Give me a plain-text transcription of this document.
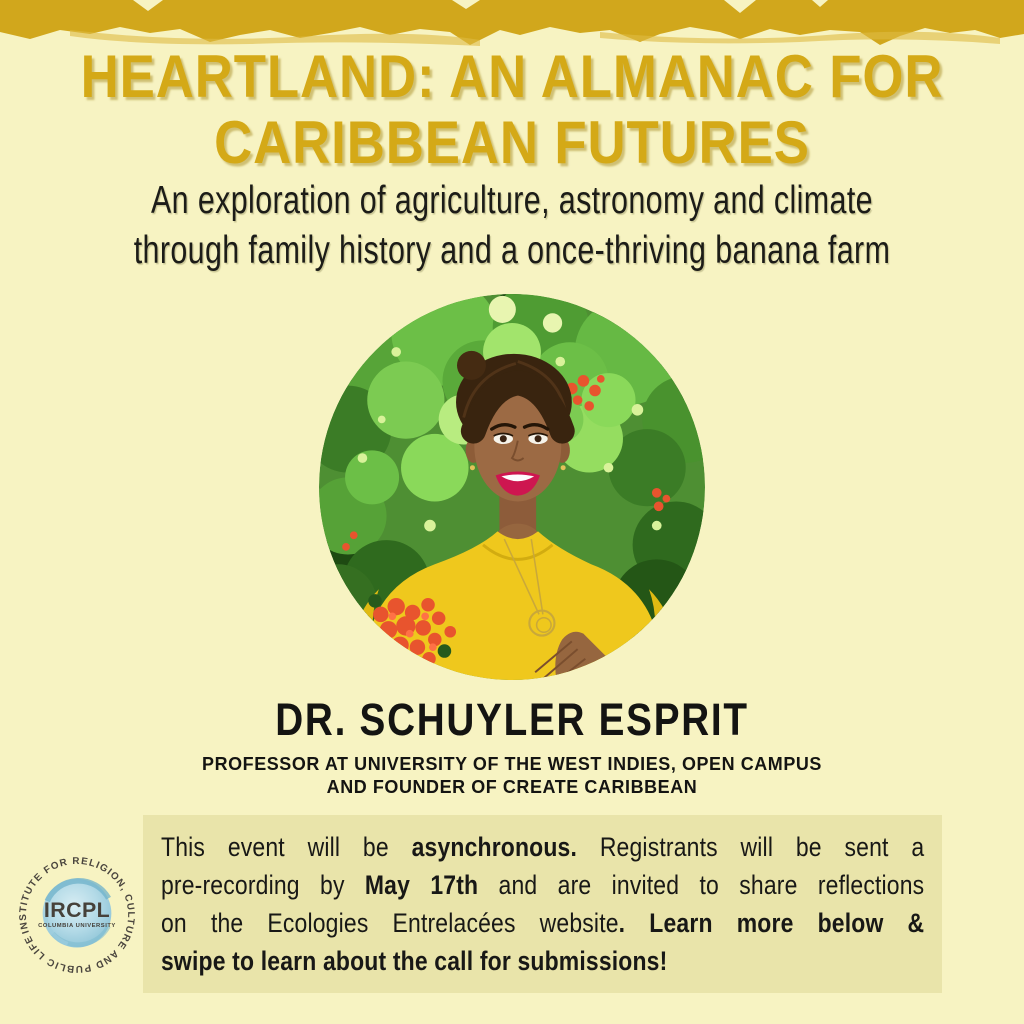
HEARTLAND: AN ALMANAC FOR
CARIBBEAN FUTURES
An exploration of agriculture, astronomy and climate
through family history and a once-thriving banana farm
DR. SCHUYLER ESPRIT
PROFESSOR AT UNIVERSITY OF THE WEST INDIES, OPEN CAMPUS
AND FOUNDER OF CREATE CARIBBEAN
This event will be asynchronous. Registrants will be sent a
pre-recording by May 17th and are invited to share reflections
on the Ecologies Entrelacées website. Learn more below &
swipe to learn about the call for submissions!
INSTITUTE FOR RELIGION, CULTURE AND PUBLIC LIFE
IRCPL
COLUMBIA UNIVERSITY
